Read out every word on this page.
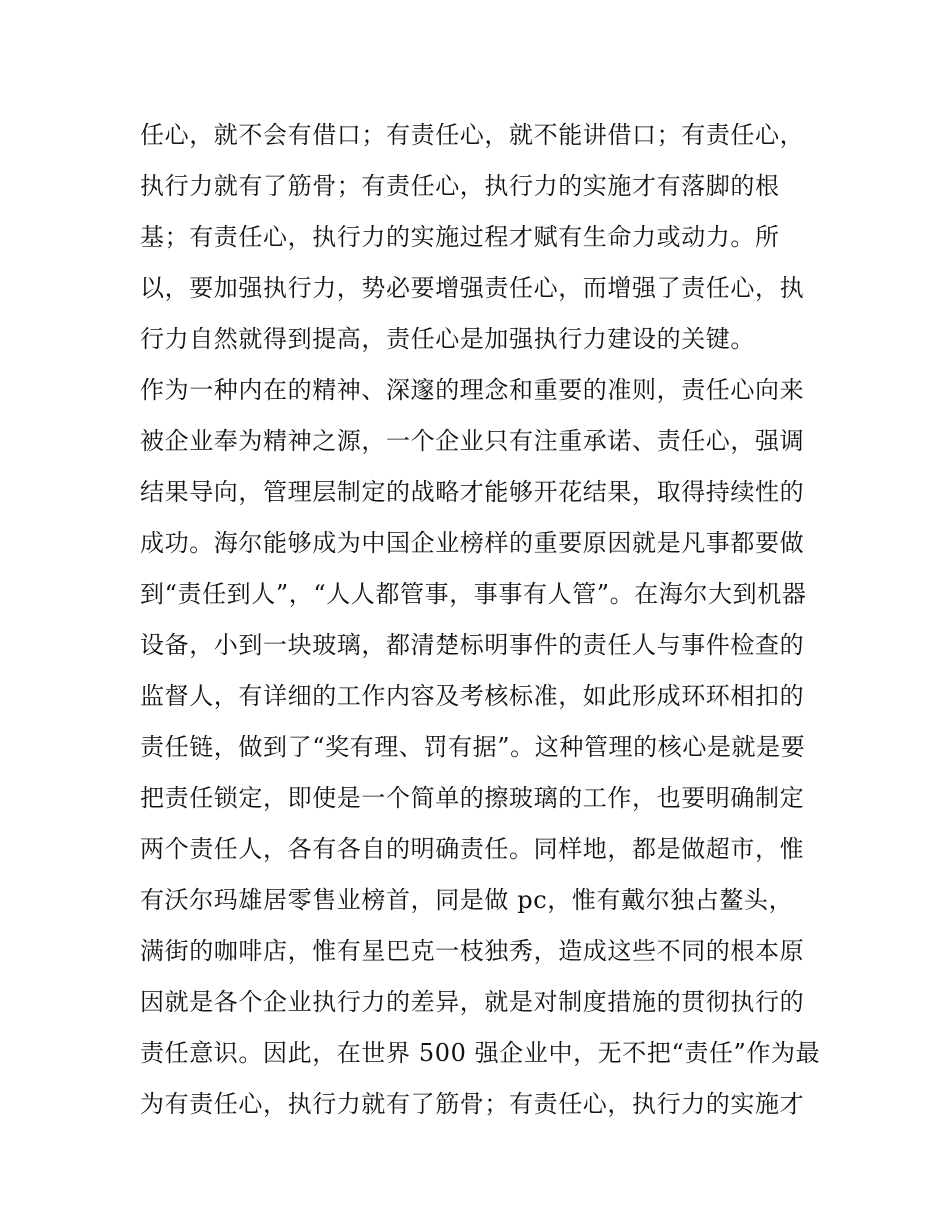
任心，就不会有借口；有责任心，就不能讲借口；有责任心，
执行力就有了筋骨；有责任心，执行力的实施才有落脚的根
基；有责任心，执行力的实施过程才赋有生命力或动力。所
以，要加强执行力，势必要增强责任心，而增强了责任心，执
行力自然就得到提高，责任心是加强执行力建设的关键。
作为一种内在的精神、深邃的理念和重要的准则，责任心向来
被企业奉为精神之源，一个企业只有注重承诺、责任心，强调
结果导向，管理层制定的战略才能够开花结果，取得持续性的
成功。海尔能够成为中国企业榜样的重要原因就是凡事都要做
到“责任到人”，“人人都管事，事事有人管”。在海尔大到机器
设备，小到一块玻璃，都清楚标明事件的责任人与事件检查的
监督人，有详细的工作内容及考核标准，如此形成环环相扣的
责任链，做到了“奖有理、罚有据”。这种管理的核心是就是要
把责任锁定，即使是一个简单的擦玻璃的工作，也要明确制定
两个责任人，各有各自的明确责任。同样地，都是做超市，惟
有沃尔玛雄居零售业榜首，同是做 pc，惟有戴尔独占鳌头，
满街的咖啡店，惟有星巴克一枝独秀，造成这些不同的根本原
因就是各个企业执行力的差异，就是对制度措施的贯彻执行的
责任意识。因此，在世界 500 强企业中，无不把“责任”作为最
为有责任心，执行力就有了筋骨；有责任心，执行力的实施才
